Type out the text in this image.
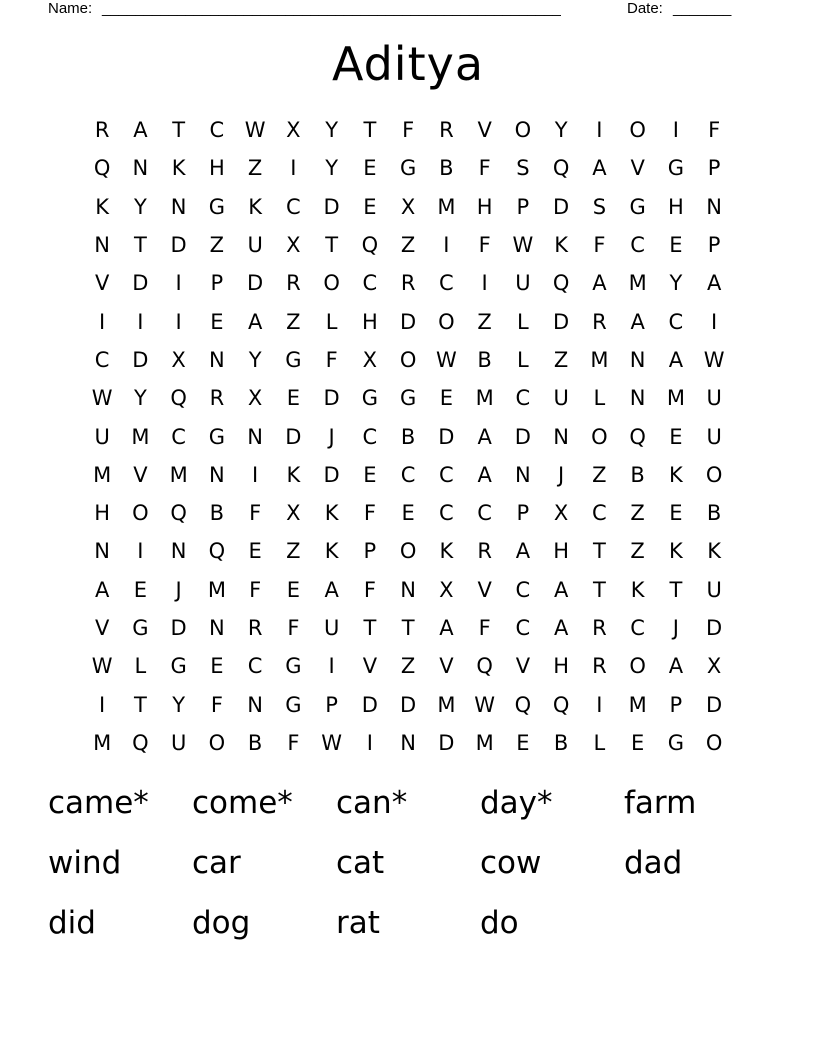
Name: _______________________________________________________	Date: _______
Aditya
R	A	T	C W X	Y	T	F	R	V	O	Y	I	O	I	F
Q	N	K	H	Z	I	Y	E	G	B	F	S	Q	A	V	G	P
K	Y	N	G	K	C	D	E	X	M	H	P	D	S	G	H	N
N	T	D	Z	U	X	T	Q	Z	I	F	W K	F	C	E	P
V	D	I	P	D	R	O	C	R	C	I	U	Q	A	M	Y	A
I	I	I	E	A	Z	L	H	D	O	Z	L	D	R	A	C	I
C	D	X	N	Y	G	F	X	O W B	L	Z	M	N	A W
W	Y	Q	R	X	E	D	G	G	E	M	C	U	L	N	M	U
U	M	C	G	N	D	J	C	B	D	A	D	N	O	Q	E	U
M	V	M	N	I	K	D	E	C	C	A	N	J	Z	B	K	O
H	O	Q	B	F	X	K	F	E	C	C	P	X	C	Z	E	B
N	I	N	Q	E	Z	K	P	O	K	R	A	H	T	Z	K	K
A	E	J	M	F	E	A	F	N	X	V	C	A	T	K	T	U
V	G	D	N	R	F	U	T	T	A	F	C	A	R	C	J	D
W	L	G	E	C	G	I	V	Z	V	Q	V	H	R	O	A	X
I	T	Y	F	N	G	P	D	D	M W Q	Q	I	M	P	D
M Q	U	O	B	F	W	I	N	D	M	E	B	L	E	G	O
came*	come*	can*	day*	farm
wind	car	cat	cow	dad
did	dog	rat	do
